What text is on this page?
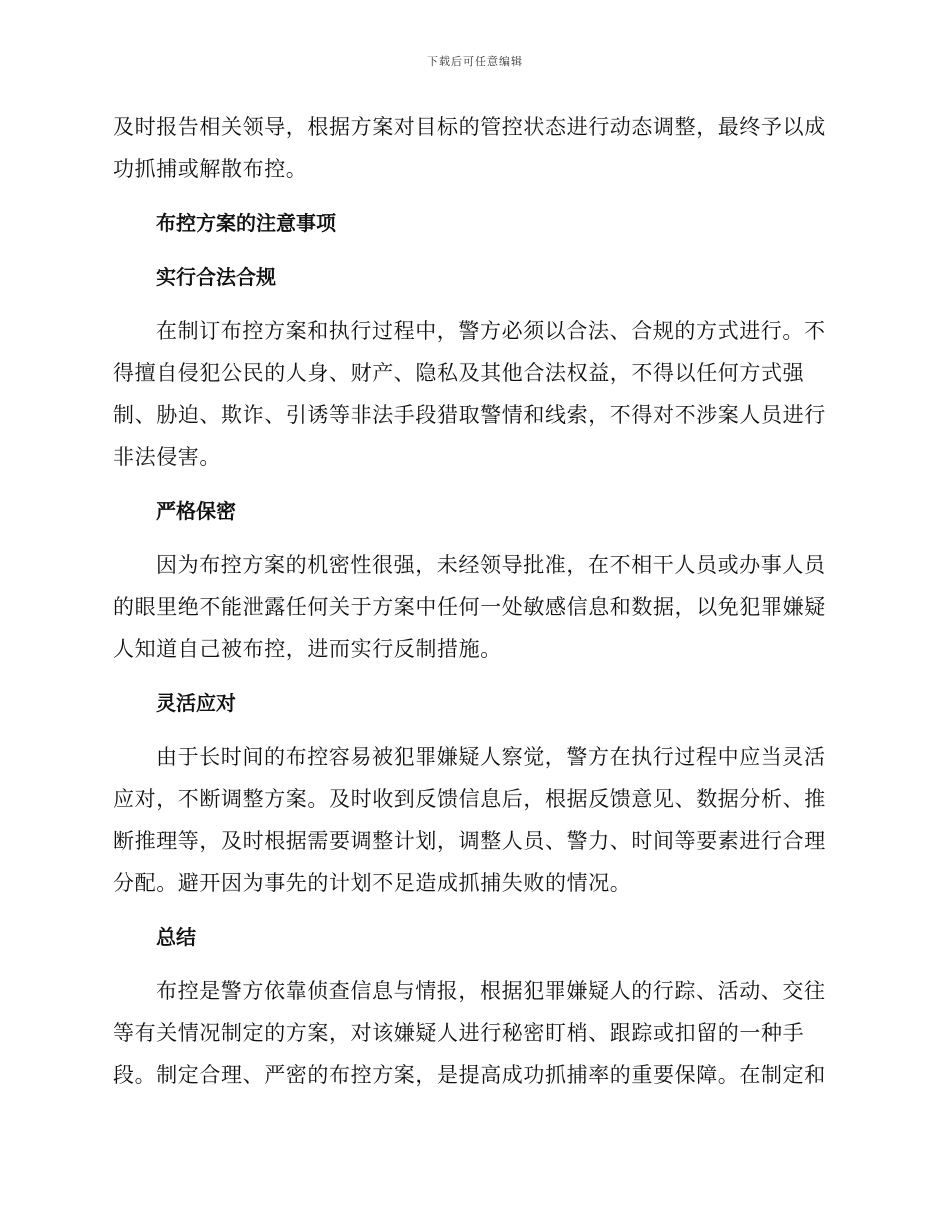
下载后可任意编辑

及时报告相关领导，根据方案对目标的管控状态进行动态调整，最终予以成功抓捕或解散布控。

布控方案的注意事项
实行合法合规

在制订布控方案和执行过程中，警方必须以合法、合规的方式进行。不得擅自侵犯公民的人身、财产、隐私及其他合法权益，不得以任何方式强制、胁迫、欺诈、引诱等非法手段猎取警情和线索，不得对不涉案人员进行非法侵害。

严格保密

因为布控方案的机密性很强，未经领导批准，在不相干人员或办事人员的眼里绝不能泄露任何关于方案中任何一处敏感信息和数据，以免犯罪嫌疑人知道自己被布控，进而实行反制措施。

灵活应对

由于长时间的布控容易被犯罪嫌疑人察觉，警方在执行过程中应当灵活应对，不断调整方案。及时收到反馈信息后，根据反馈意见、数据分析、推断推理等，及时根据需要调整计划，调整人员、警力、时间等要素进行合理分配。避开因为事先的计划不足造成抓捕失败的情况。

总结

布控是警方依靠侦查信息与情报，根据犯罪嫌疑人的行踪、活动、交往等有关情况制定的方案，对该嫌疑人进行秘密盯梢、跟踪或扣留的一种手段。制定合理、严密的布控方案，是提高成功抓捕率的重要保障。在制定和
